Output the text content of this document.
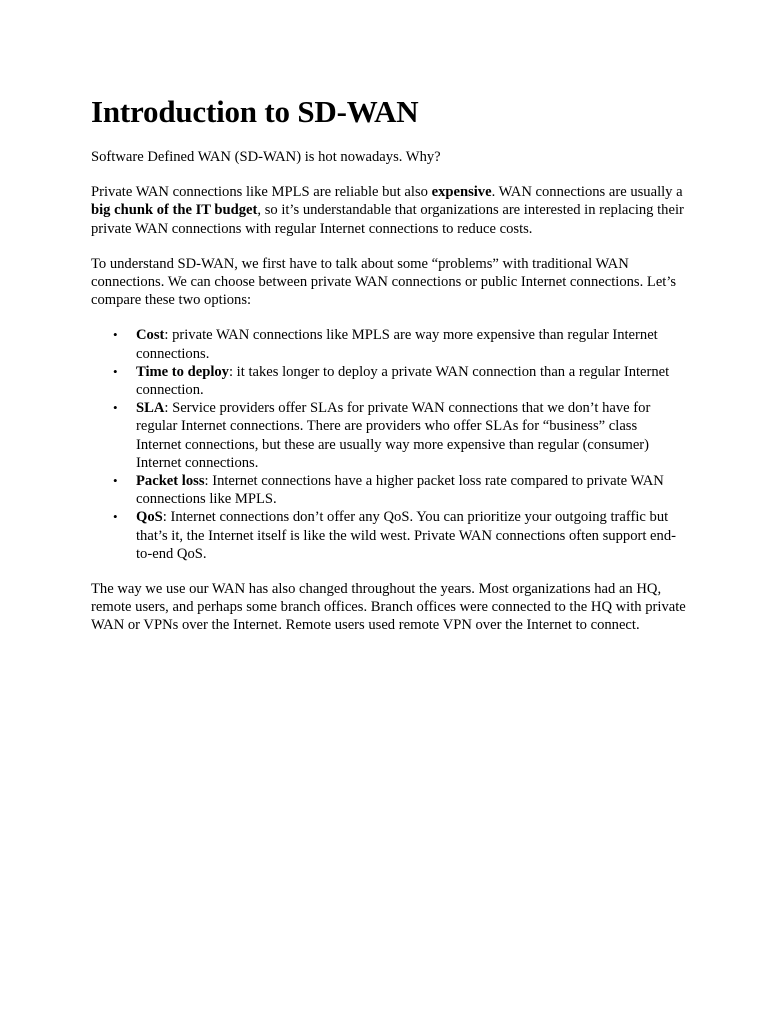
Introduction to SD-WAN

Software Defined WAN (SD-WAN) is hot nowadays. Why?

Private WAN connections like MPLS are reliable but also expensive. WAN connections are usually a big chunk of the IT budget, so it’s understandable that organizations are interested in replacing their private WAN connections with regular Internet connections to reduce costs.

To understand SD-WAN, we first have to talk about some “problems” with traditional WAN connections. We can choose between private WAN connections or public Internet connections. Let’s compare these two options:

• Cost: private WAN connections like MPLS are way more expensive than regular Internet connections.
• Time to deploy: it takes longer to deploy a private WAN connection than a regular Internet connection.
• SLA: Service providers offer SLAs for private WAN connections that we don’t have for regular Internet connections. There are providers who offer SLAs for “business” class Internet connections, but these are usually way more expensive than regular (consumer) Internet connections.
• Packet loss: Internet connections have a higher packet loss rate compared to private WAN connections like MPLS.
• QoS: Internet connections don’t offer any QoS. You can prioritize your outgoing traffic but that’s it, the Internet itself is like the wild west. Private WAN connections often support end-to-end QoS.

The way we use our WAN has also changed throughout the years. Most organizations had an HQ, remote users, and perhaps some branch offices. Branch offices were connected to the HQ with private WAN or VPNs over the Internet. Remote users used remote VPN over the Internet to connect.
